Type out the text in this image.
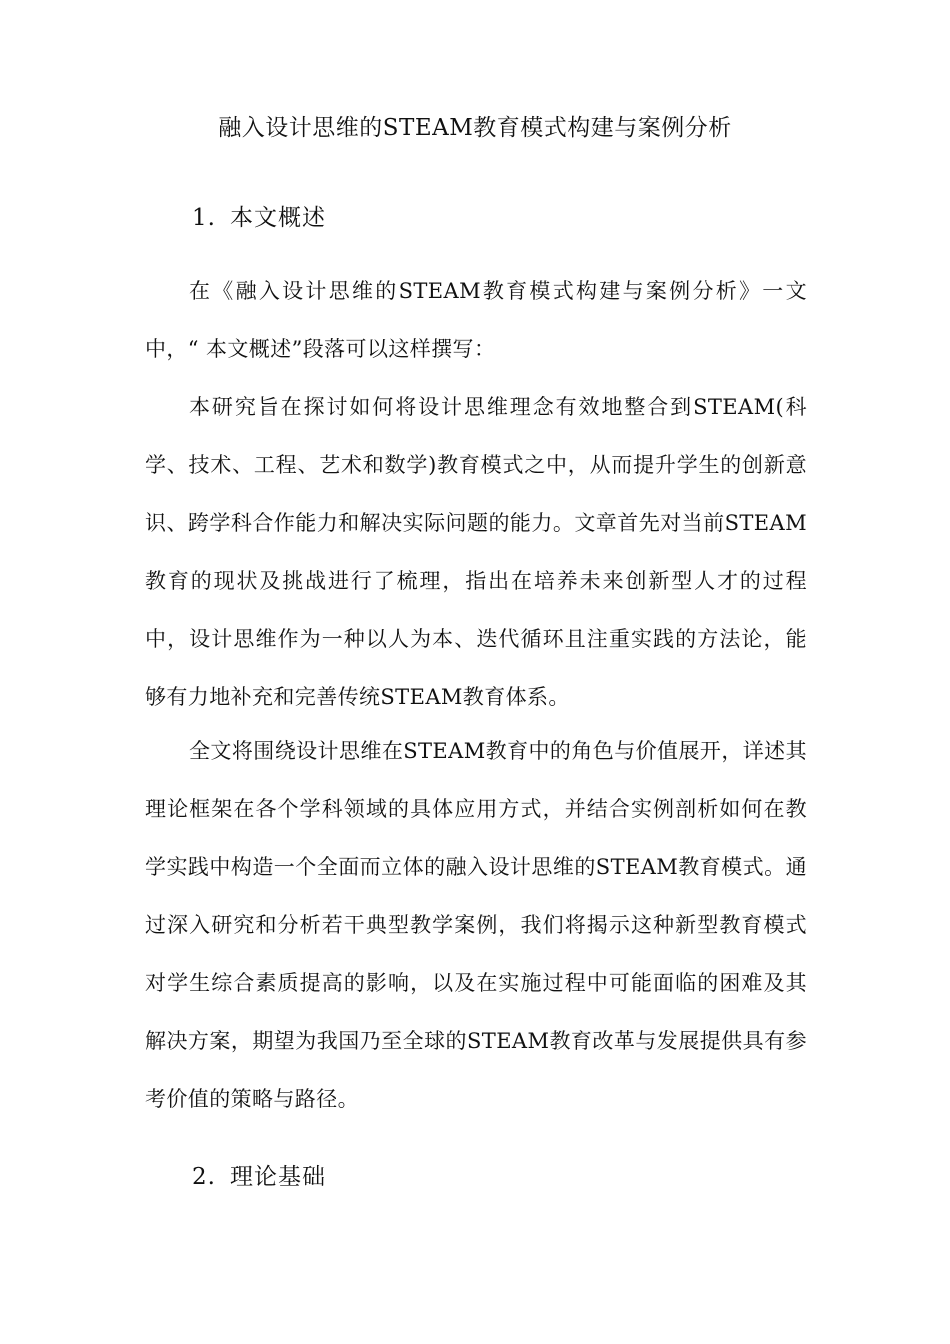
融入设计思维的STEAM教育模式构建与案例分析
1. 本文概述

在《融入设计思维的STEAM教育模式构建与案例分析》一文中，“ 本文概述”段落可以这样撰写：

本研究旨在探讨如何将设计思维理念有效地整合到STEAM(科学、技术、工程、艺术和数学)教育模式之中，从而提升学生的创新意识、跨学科合作能力和解决实际问题的能力。文章首先对当前STEAM教育的现状及挑战进行了梳理，指出在培养未来创新型人才的过程中，设计思维作为一种以人为本、迭代循环且注重实践的方法论，能够有力地补充和完善传统STEAM教育体系。

全文将围绕设计思维在STEAM教育中的角色与价值展开，详述其理论框架在各个学科领域的具体应用方式，并结合实例剖析如何在教学实践中构造一个全面而立体的融入设计思维的STEAM教育模式。通过深入研究和分析若干典型教学案例，我们将揭示这种新型教育模式对学生综合素质提高的影响，以及在实施过程中可能面临的困难及其解决方案，期望为我国乃至全球的STEAM教育改革与发展提供具有参考价值的策略与路径。

2. 理论基础
